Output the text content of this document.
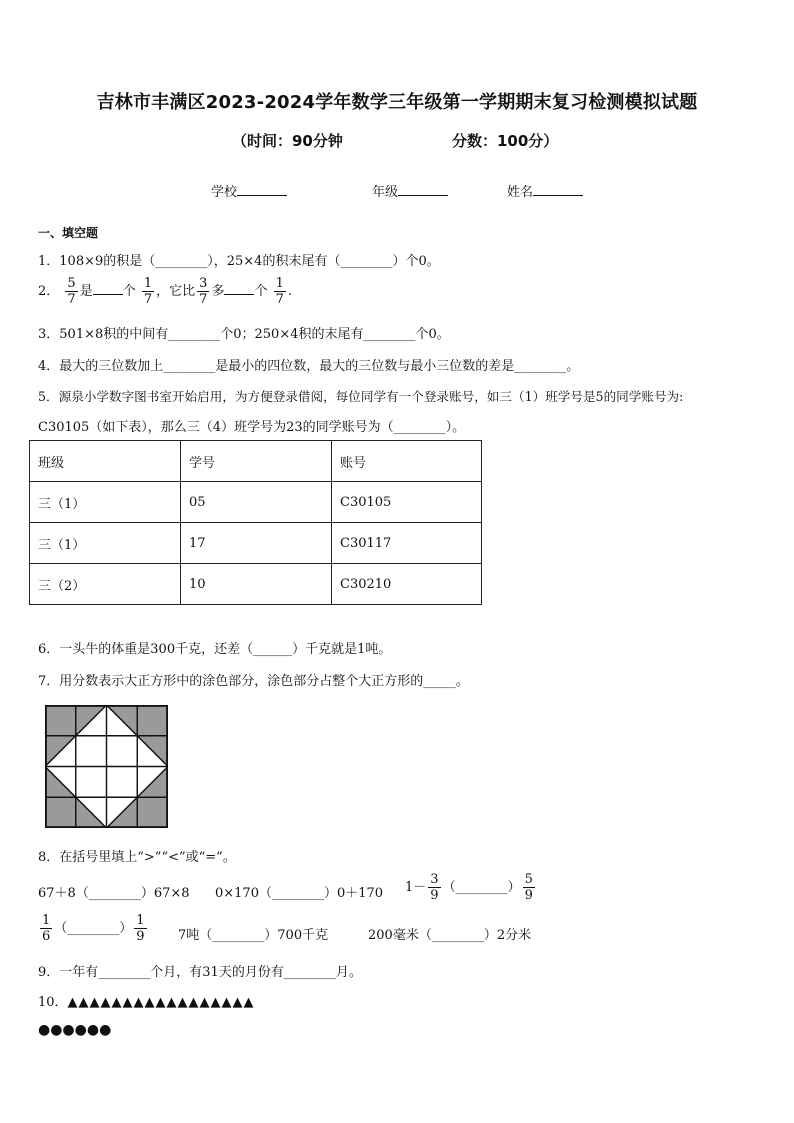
吉林市丰满区2023-2024学年数学三年级第一学期期末复习检测模拟试题
（时间：90分钟	分数：100分）
学校	年级	姓名
一、填空题
1．108×9的积是（________），25×4的积末尾有（________）个0。
2． $\frac{5}{7}$ 是 个 $\frac{1}{7}$ ，它比 $\frac{3}{7}$ 多 个 $\frac{1}{7}$ .
3．501×8积的中间有________个0；250×4积的末尾有________个0。
4．最大的三位数加上________是最小的四位数，最大的三位数与最小三位数的差是________。
5．源泉小学数字图书室开始启用，为方便登录借阅，每位同学有一个登录账号，如三（1）班学号是5的同学账号为:
C30105（如下表），那么三（4）班学号为23的同学账号为（________）。
班级	学号	账号
三（1）	05	C30105
三（1）	17	C30117
三（2）	10	C30210
6．一头牛的体重是300千克，还差（______）千克就是1吨。
7．用分数表示大正方形中的涂色部分，涂色部分占整个大正方形的_____。
8．在括号里填上“>”“<”或“=”。
67＋8（________）67×8 0×170（________）0＋170 $1- \frac{3}{9}$ （________） $\frac{5}{9}$
$\frac{1}{6}$ （________） $\frac{1}{9} 7$吨（________）700千克	200毫米（________）2分米
9．一年有________个月，有31天的月份有________月。
10．▲▲▲▲▲▲▲▲▲▲▲▲▲▲▲▲▲
●●●●●●
